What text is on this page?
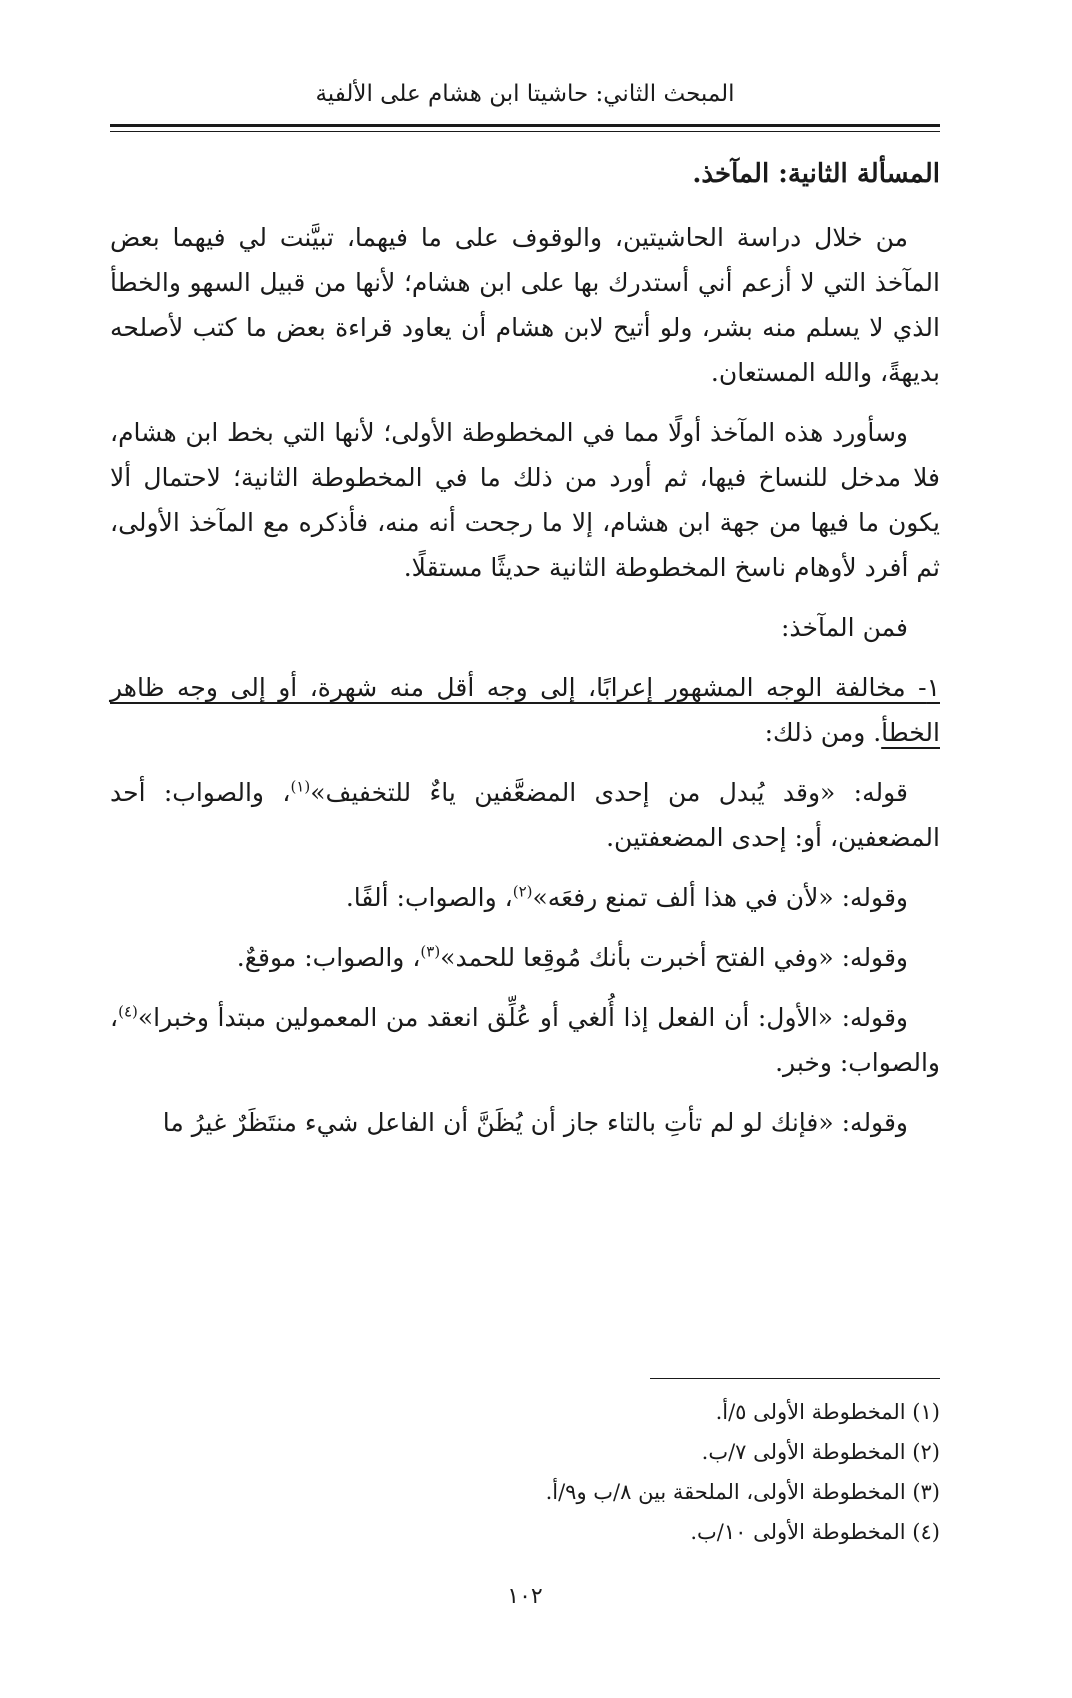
المبحث الثاني: حاشيتا ابن هشام على الألفية

المسألة الثانية: المآخذ.

من خلال دراسة الحاشيتين، والوقوف على ما فيهما، تبيَّنت لي فيهما بعض المآخذ التي لا أزعم أني أستدرك بها على ابن هشام؛ لأنها من قبيل السهو والخطأ الذي لا يسلم منه بشر، ولو أتيح لابن هشام أن يعاود قراءة بعض ما كتب لأصلحه بديهةً، والله المستعان.

وسأورد هذه المآخذ أولًا مما في المخطوطة الأولى؛ لأنها التي بخط ابن هشام، فلا مدخل للنساخ فيها، ثم أورد من ذلك ما في المخطوطة الثانية؛ لاحتمال ألا يكون ما فيها من جهة ابن هشام، إلا ما رجحت أنه منه، فأذكره مع المآخذ الأولى، ثم أفرد لأوهام ناسخ المخطوطة الثانية حديثًا مستقلًا.

فمن المآخذ:

١- مخالفة الوجه المشهور إعرابًا، إلى وجه أقل منه شهرة، أو إلى وجه ظاهر الخطأ. ومن ذلك:

قوله: «وقد يُبدل من إحدى المضعَّفين ياءٌ للتخفيف»$^{(١)}$، والصواب: أحد المضعفين، أو: إحدى المضعفتين.

وقوله: «لأن في هذا ألف تمنع رفعَه»$^{(٢)}$، والصواب: ألفًا.

وقوله: «وفي الفتح أخبرت بأنك مُوقِعا للحمد»$^{(٣)}$، والصواب: موقعٌ.

وقوله: «الأول: أن الفعل إذا أُلغي أو عُلِّق انعقد من المعمولين مبتدأ وخبرا»$^{(٤)}$، والصواب: وخبر.

وقوله: «فإنك لو لم تأتِ بالتاء جاز أن يُظَنَّ أن الفاعل شيء منتَظَرٌ غيرُ ما

(١) المخطوطة الأولى ٥/أ.
(٢) المخطوطة الأولى ٧/ب.
(٣) المخطوطة الأولى، الملحقة بين ٨/ب و٩/أ.
(٤) المخطوطة الأولى ١٠/ب.
١٠٢
